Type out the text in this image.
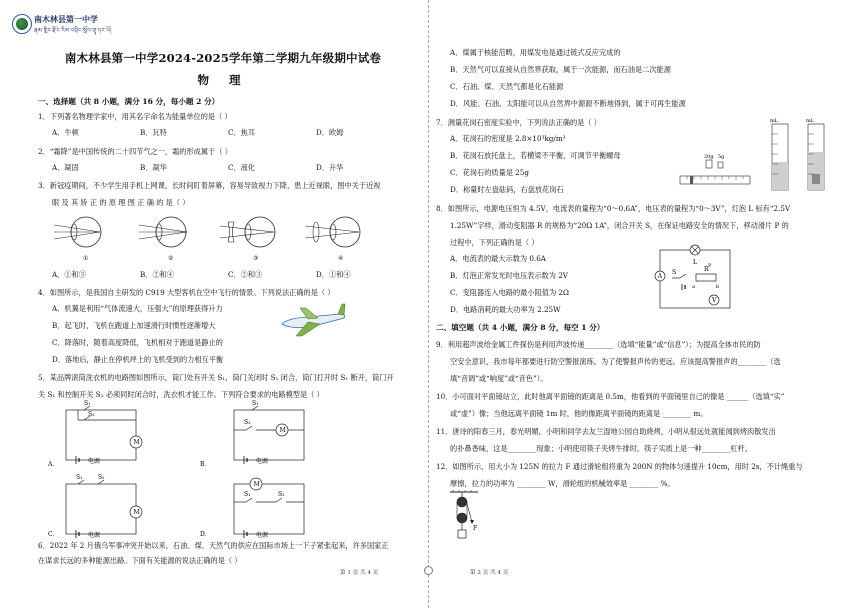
南木林县第一中学
རྣམ་གླིང་རྫོང་རིམ་འབྲིང་སློབ་གྲྭ་དང་པོ།
南木林县第一中学2024-2025学年第二学期九年级期中试卷
物 理
一、选择题（共 8 小题，满分 16 分，每小题 2 分）
1．下列著名物理学家中，用其名字命名为能量单位的是（ ）
A．牛顿	B．瓦特	C．焦耳	D．欧姆
2．“霜降”是中国传统的二十四节气之一，霜的形成属于（ ）
A．凝固	B．凝华	C．液化	D．升华
3．新冠疫期间，不少学生用手机上网课，长时间盯着屏幕，容易导致视力下降，患上近视眼，图中关于近视
眼 及 其 矫 正 的 原 理 图 正 确 的 是（ ）
①	②	③	④
A．①和③	B．②和④	C．②和③	D．①和④
4．如图所示，是我国自主研发的 C919 大型客机在空中飞行的情景。下列说法正确的是（ ）
A．机翼是利用“气体流速大，压强大”的原理获得升力
B．起飞时，飞机在跑道上加速滑行时惯性逐渐增大
C．降落时，随着高度降低，飞机相对于跑道是静止的
D．落地后，静止在停机坪上的飞机受到的力相互平衡
5．某品牌滚筒洗衣机的电路图如图所示，筒门处有开关 S₁，筒门关闭时 S₁ 闭合，筒门打开时 S₁ 断开，筒门开
关 S₁ 和控制开关 S₂ 必须同时闭合时，洗衣机才能工作。下列符合要求的电路模型是（ ）
S₁
S₂
M
电源
A．
S₁
S₂
M
电源
B．
S₁	S₂
M
电源
C．
M
S₁	S₂
电源
D．
6．2022 年 2 月俄乌军事冲突开始以来，石油、煤、天然气的供应在国际市场上一下子紧张起来，许多国家正
在谋求长远的多种能源出路。下面有关能源的说法正确的是（ ）
第 1 页 共 4 页
A．煤属于核能范畴，用煤发电是通过链式反应完成的
B．天然气可以直接从自然界获取，属于一次能源，而石油是二次能源
C．石油、煤、天然气都是化石能源
D．风能、石油、太阳能可以从自然界中源源不断地得到，属于可再生能源
7．测量花岗石密度实验中，下列说法正确的是（ ）
A．花岗石的密度是 2.8×10³kg/m³
B．花岗石放托盘上，若横梁不平衡，可调节平衡螺母
C．花岗石的质量是 25g
D．称量时左盘砝码，右盘放花岗石
20g 5g
mL	mL
8．如图所示，电源电压恒为 4.5V，电流表的量程为“0～0.6A”，电压表的量程为“0～3V”，灯泡 L 标有“2.5V
1.25W”字样，滑动变阻器 R 的规格为“20Ω 1A”，闭合开关 S，在保证电路安全的情况下，移动滑片 P 的
过程中，下列正确的是（ ）
A．电流表的最大示数为 0.6A
B．灯泡正常发光时电压表示数为 2V
C．变阻器连入电路的最小阻值为 2Ω
D．电路消耗的最大功率为 2.25W
L
A
S	R
a	b
P
V
二、填空题（共 4 小题，满分 8 分，每空 1 分）
9．利用超声波给金属工件探伤是利用声波传递________（选填“能量”或“信息”）；为提高全体市民的防
空安全意识，我市每年都要进行防空警报演练。为了使警报声传的更远，应该提高警报声的________（选
填“音调”或“响度”或“音色”）。
10．小可面对平面镜站立，此时他离平面镜的距离是 0.5m，他看到的平面镜里自己的像是 ______（选填“实”
或“虚”）像；当他远离平面镜 1m 时，他的像距离平面镜的距离是 ________ m。
11．唐诗的阳春三月，春光明媚，小明和同学去友兰湿地公园自助烧烤，小明从很远处就能闻到烤肉散发出
的扑鼻香味，这是________现象；小明使用筷子夹烤牛排时，筷子实质上是一种________杠杆。
12．如图所示，用大小为 125N 的拉力 F 通过滑轮组将重为 200N 的物体匀速提升 10cm，用时 2s，不计绳重与
摩擦，拉力的功率为 ________ W，滑轮组的机械效率是 ________ %。
F
第 2 页 共 4 页
